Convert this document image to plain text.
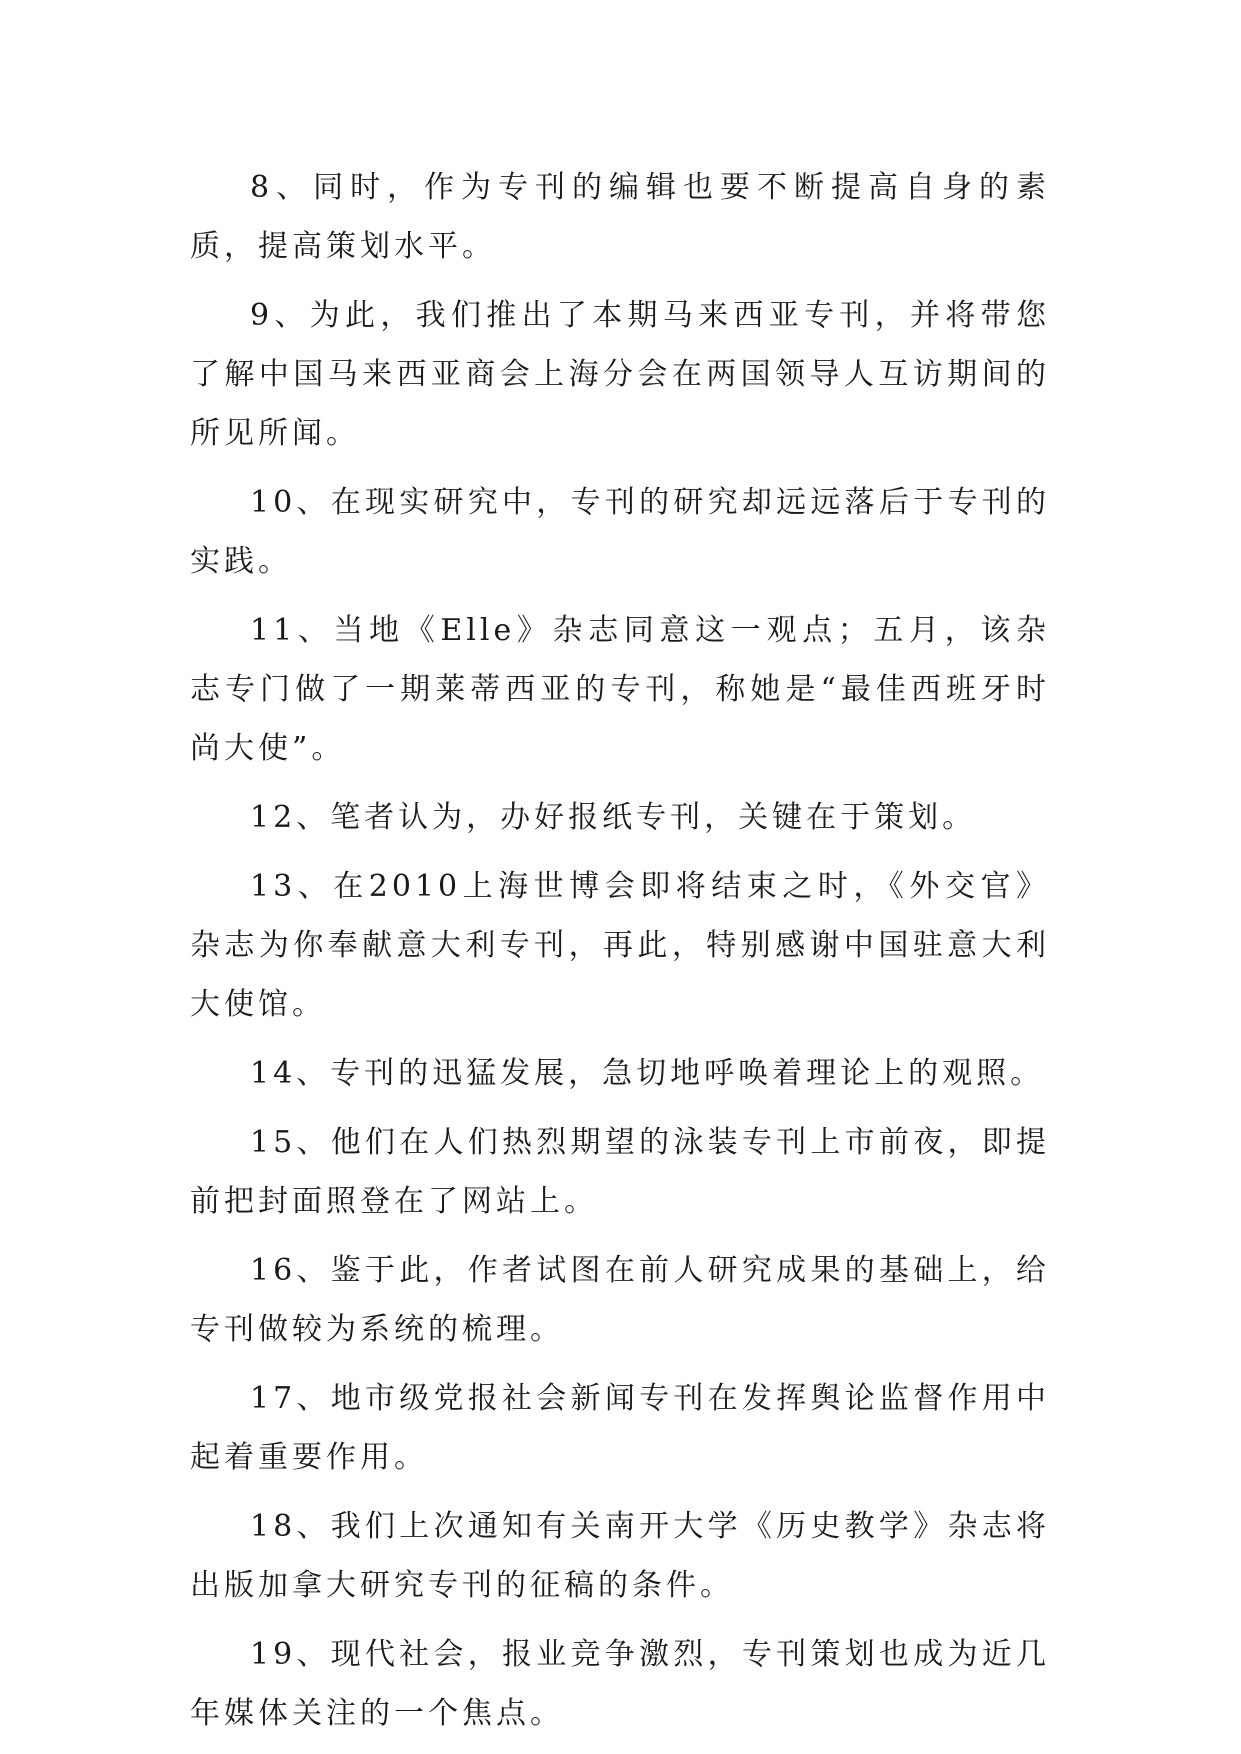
8、同时，作为专刊的编辑也要不断提高自身的素质，提高策划水平。

9、为此，我们推出了本期马来西亚专刊，并将带您了解中国马来西亚商会上海分会在两国领导人互访期间的所见所闻。

10、在现实研究中，专刊的研究却远远落后于专刊的实践。

11、当地《Elle》杂志同意这一观点；五月，该杂志专门做了一期莱蒂西亚的专刊，称她是“最佳西班牙时尚大使”。

12、笔者认为，办好报纸专刊，关键在于策划。

13、在2010上海世博会即将结束之时，《外交官》杂志为你奉献意大利专刊，再此，特别感谢中国驻意大利大使馆。

14、专刊的迅猛发展，急切地呼唤着理论上的观照。

15、他们在人们热烈期望的泳装专刊上市前夜，即提前把封面照登在了网站上。

16、鉴于此，作者试图在前人研究成果的基础上，给专刊做较为系统的梳理。

17、地市级党报社会新闻专刊在发挥舆论监督作用中起着重要作用。

18、我们上次通知有关南开大学《历史教学》杂志将出版加拿大研究专刊的征稿的条件。

19、现代社会，报业竞争激烈，专刊策划也成为近几年媒体关注的一个焦点。
